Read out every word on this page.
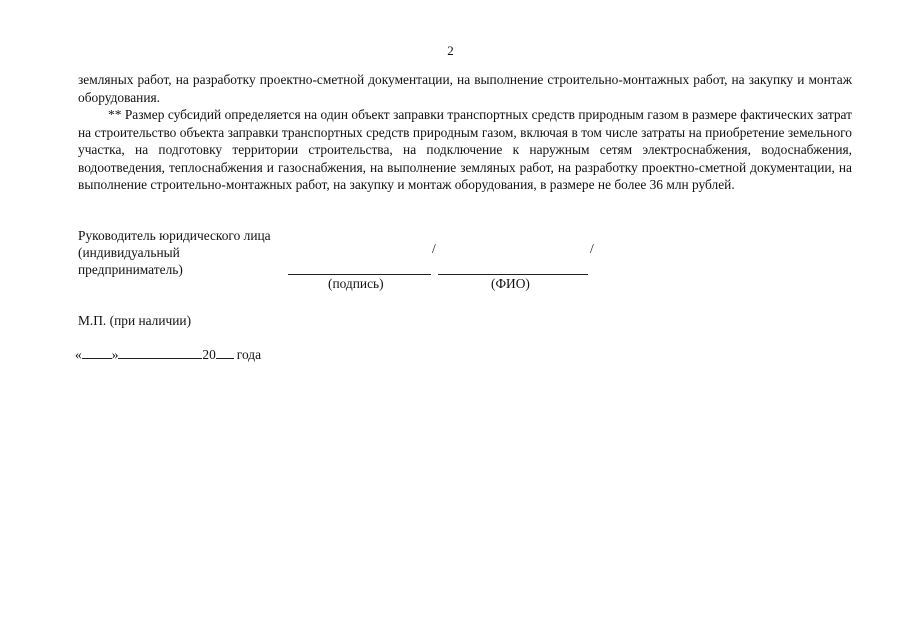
2

земляных работ, на разработку проектно-сметной документации, на выполнение строительно-монтажных работ, на закупку и монтаж оборудования.

** Размер субсидий определяется на один объект заправки транспортных средств природным газом в размере фактических затрат на строительство объекта заправки транспортных средств природным газом, включая в том числе затраты на приобретение земельного участка, на подготовку территории строительства, на подключение к наружным сетям электроснабжения, водоснабжения, водоотведения, теплоснабжения и газоснабжения, на выполнение земляных работ, на разработку проектно-сметной документации, на выполнение строительно-монтажных работ, на закупку и монтаж оборудования, в размере не более 36 млн рублей.

Руководитель юридического лица
(индивидуальный
предприниматель)
/	/
(подпись)	(ФИО)
М.П. (при наличии)
« »	20 года
